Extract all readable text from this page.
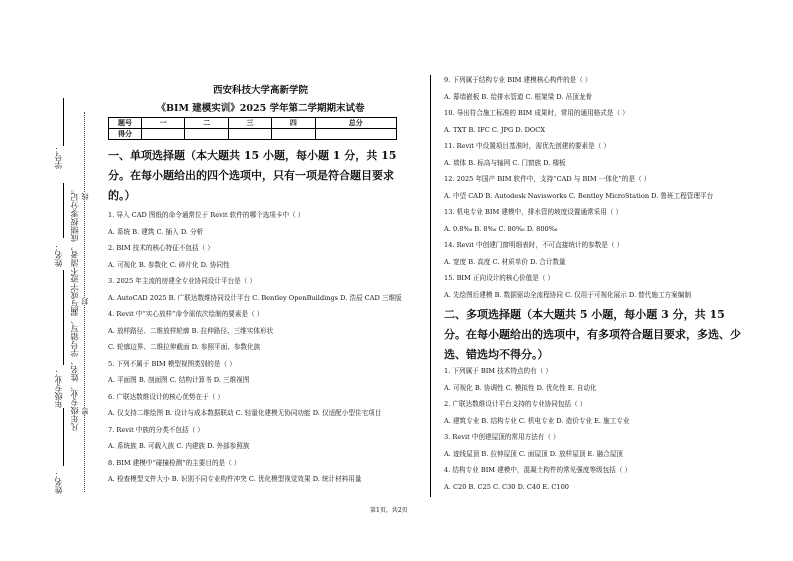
学号：
姓名：
年级专业：
姓名：
凡年级专业、姓名、学号错写、漏写或字迹不清者，成绩按零分记。 线
封
密
西安科技大学高新学院
《BIM 建模实训》2025 学年第二学期期末试卷
题号	一	二	三	四	总分
得分					

一、单项选择题（本大题共 15 小题，每小题 1 分，共 15 分。在每小题给出的四个选项中，只有一项是符合题目要求的。）

1. 导入 CAD 图纸的命令通常位于 Revit 软件的哪个选项卡中（ ）

A. 系统 B. 建筑 C. 插入 D. 分析

2. BIM 技术的核心特征不包括（ ）

A. 可视化 B. 参数化 C. 碎片化 D. 协同性

3. 2025 年主流的房建全专业协同设计平台是（ ）

A. AutoCAD 2025 B. 广联达数维协同设计平台 C. Bentley OpenBuildings D. 浩辰 CAD 三维版

4. Revit 中“实心放样”命令需依次绘制的要素是（ ）

A. 放样路径、二维放样轮廓 B. 拉伸路径、三维实体形状

C. 轮廓边界、二维拉伸截面 D. 参照平面、参数化族

5. 下列不属于 BIM 模型视图类别的是（ ）

A. 平面图 B. 剖面图 C. 结构计算书 D. 三维视图

6. 广联达数维设计的核心优势在于（ ）

A. 仅支持二维绘图 B. 设计与成本数据联动 C. 轻量化建模无协同功能 D. 仅适配小型住宅项目

7. Revit 中族的分类不包括（ ）

A. 系统族 B. 可载入族 C. 内建族 D. 外部参照族

8. BIM 建模中“碰撞检测”的主要目的是（ ）

A. 检查模型文件大小 B. 识别不同专业构件冲突 C. 优化模型视觉效果 D. 统计材料用量

9. 下列属于结构专业 BIM 建模核心构件的是（ ）

A. 幕墙嵌板 B. 给排水管道 C. 框架梁 D. 吊顶龙骨

10. 导出符合施工标准的 BIM 成果时，常用的通用格式是（ ）

A. TXT B. IFC C. JPG D. DOCX

11. Revit 中设置项目基准时，需优先创建的要素是（ ）

A. 墙体 B. 标高与轴网 C. 门窗族 D. 楼板

12. 2025 年国产 BIM 软件中，支持“CAD 与 BIM 一体化”的是（ ）

A. 中望 CAD B. Autodesk Navisworks C. Bentley MicroStation D. 鲁班工程管理平台

13. 机电专业 BIM 建模中，排水管的坡度设置通常采用（ ）

A. 0.8‰ B. 8‰ C. 80‰ D. 800‰

14. Revit 中创建门窗明细表时，不可直接统计的参数是（ ）

A. 宽度 B. 高度 C. 材质单价 D. 合计数量

15. BIM 正向设计的核心价值是（ ）

A. 先绘图后建模 B. 数据驱动全流程协同 C. 仅用于可视化展示 D. 替代施工方案编制

二、多项选择题（本大题共 5 小题，每小题 3 分，共 15 分。在每小题给出的选项中，有多项符合题目要求，多选、少选、错选均不得分。）

1. 下列属于 BIM 技术特点的有（ ）

A. 可视化 B. 协调性 C. 模拟性 D. 优化性 E. 自动化

2. 广联达数维设计平台支持的专业协同包括（ ）

A. 建筑专业 B. 结构专业 C. 机电专业 D. 造价专业 E. 施工专业

3. Revit 中创建屋顶的常用方法有（ ）

A. 迹线屋顶 B. 拉伸屋顶 C. 面屋顶 D. 放样屋顶 E. 融合屋顶

4. 结构专业 BIM 建模中，混凝土构件的常见强度等级包括（ ）

A. C20 B. C25 C. C30 D. C40 E. C100

第1页，共2页
